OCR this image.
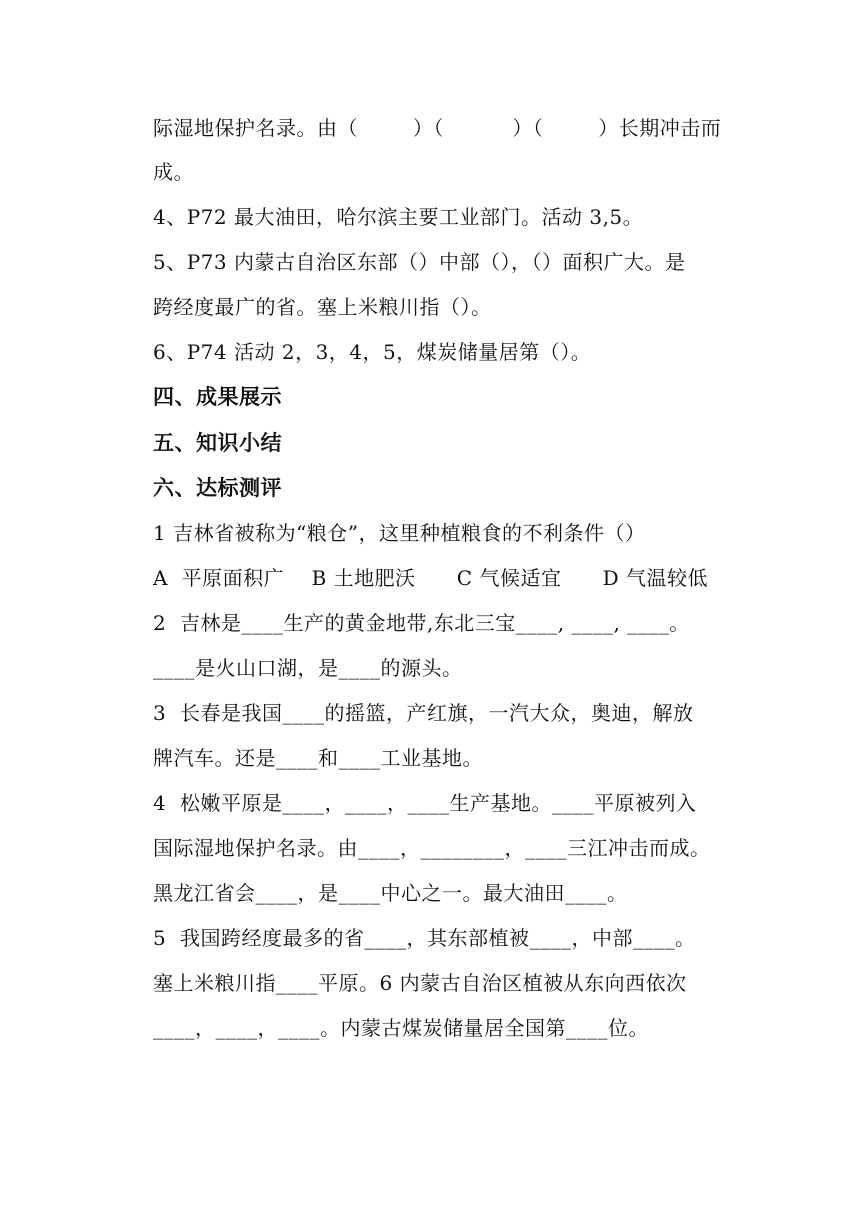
际湿地保护名录。由（        ）（          ）（        ）长期冲击而
成。
4、P72 最大油田，哈尔滨主要工业部门。活动 3,5。
5、P73 内蒙古自治区东部（）中部（），（）面积广大。是
跨经度最广的省。塞上米粮川指（）。
6、P74 活动 2，3，4，5，煤炭储量居第（）。
四、成果展示
五、知识小结
六、达标测评
1 吉林省被称为“粮仓”，这里种植粮食的不利条件（）
A  平原面积广    B 土地肥沃      C 气候适宜      D 气温较低
2  吉林是____生产的黄金地带,东北三宝____, ____, ____。
____是火山口湖，是____的源头。
3  长春是我国____的摇篮，产红旗，一汽大众，奥迪，解放
牌汽车。还是____和____工业基地。
4  松嫩平原是____，____，____生产基地。____平原被列入
国际湿地保护名录。由____，________，____三江冲击而成。
黑龙江省会____，是____中心之一。最大油田____。
5  我国跨经度最多的省____，其东部植被____，中部____。
塞上米粮川指____平原。6 内蒙古自治区植被从东向西依次
____，____，____。内蒙古煤炭储量居全国第____位。
